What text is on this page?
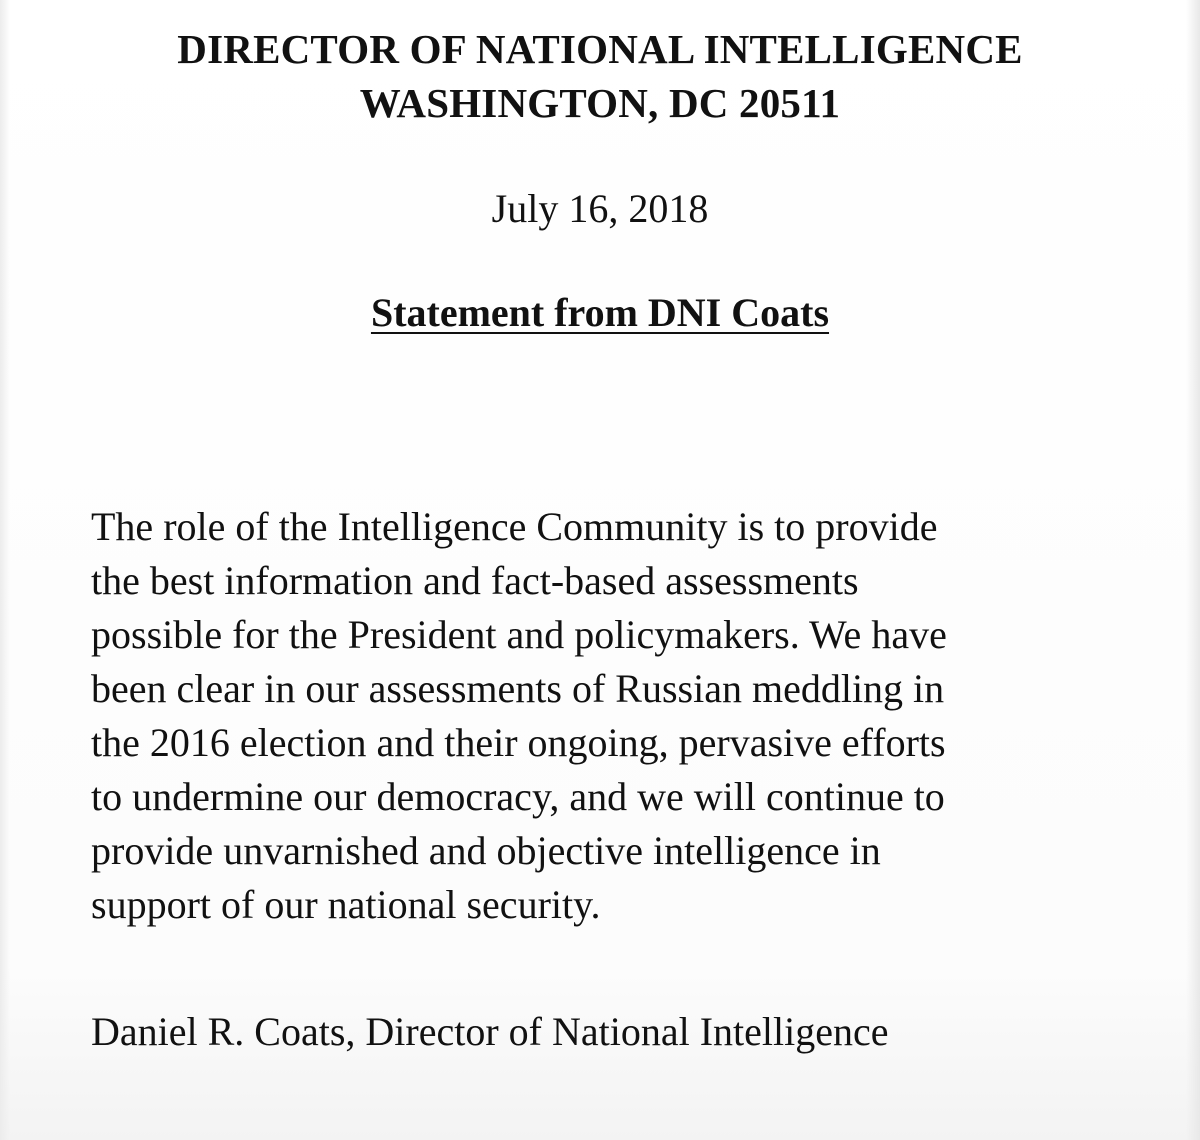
DIRECTOR OF NATIONAL INTELLIGENCE
WASHINGTON, DC 20511
July 16, 2018
Statement from DNI Coats
The role of the Intelligence Community is to provide
the best information and fact-based assessments
possible for the President and policymakers. We have
been clear in our assessments of Russian meddling in
the 2016 election and their ongoing, pervasive efforts
to undermine our democracy, and we will continue to
provide unvarnished and objective intelligence in
support of our national security.
Daniel R. Coats, Director of National Intelligence
